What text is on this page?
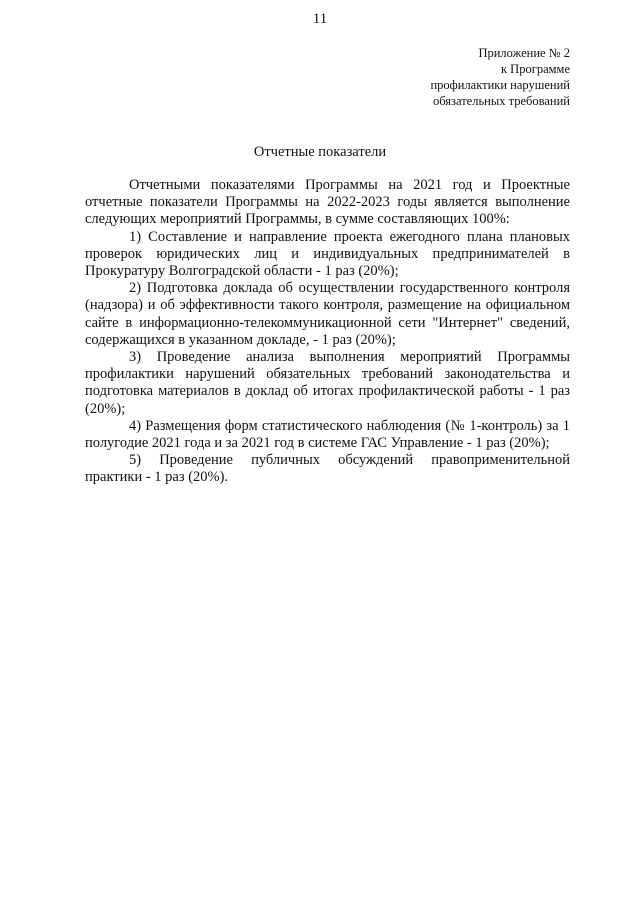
11
Приложение № 2
к Программе
профилактики нарушений
обязательных требований
Отчетные показатели

Отчетными показателями Программы на 2021 год и Проектные отчетные показатели Программы на 2022-2023 годы является выполнение следующих мероприятий Программы, в сумме составляющих 100%:

1) Составление и направление проекта ежегодного плана плановых проверок юридических лиц и индивидуальных предпринимателей в Прокуратуру Волгоградской области - 1 раз (20%);

2) Подготовка доклада об осуществлении государственного контроля (надзора) и об эффективности такого контроля, размещение на официальном сайте в информационно-телекоммуникационной сети "Интернет" сведений, содержащихся в указанном докладе, - 1 раз (20%);

3) Проведение анализа выполнения мероприятий Программы профилактики нарушений обязательных требований законодательства и подготовка материалов в доклад об итогах профилактической работы - 1 раз (20%);

4) Размещения форм статистического наблюдения (№ 1-контроль) за 1 полугодие 2021 года и за 2021 год в системе ГАС Управление - 1 раз (20%);

5) Проведение публичных обсуждений правоприменительной практики - 1 раз (20%).
